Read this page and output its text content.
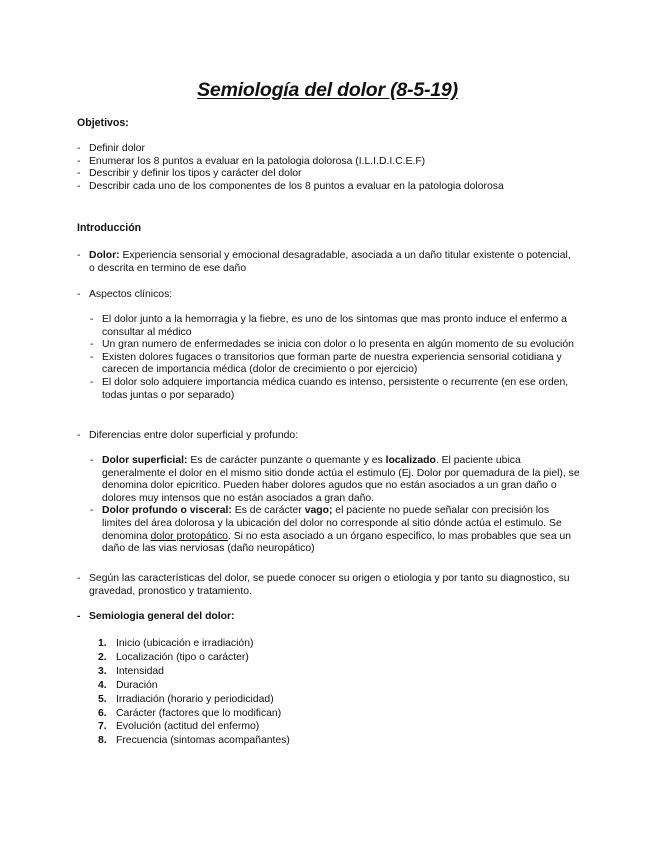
Semiología del dolor (8-5-19)
Objetivos:
- Definir dolor
- Enumerar los 8 puntos a evaluar en la patologia dolorosa (I.L.I.D.I.C.E.F)
- Describir y definir los tipos y carácter del dolor
- Describir cada uno de los componentes de los 8 puntos a evaluar en la patologia dolorosa
Introducción
- Dolor: Experiencia sensorial y emocional desagradable, asociada a un daño titular existente o potencial, o descrita en termino de ese daño
- Aspectos clínicos:
- El dolor junto a la hemorragia y la fiebre, es uno de los sintomas que mas pronto induce el enfermo a consultar al médico
- Un gran numero de enfermedades se inicia con dolor o lo presenta en algún momento de su evolución
- Existen dolores fugaces o transitorios que forman parte de nuestra experiencia sensorial cotidiana y carecen de importancia médica (dolor de crecimiento o por ejercicio)
- El dolor solo adquiere importancia médica cuando es intenso, persistente o recurrente (en ese orden, todas juntas o por separado)
- Diferencias entre dolor superficial y profundo:
- Dolor superficial: Es de carácter punzante o quemante y es localizado. El paciente ubica generalmente el dolor en el mismo sitio donde actúa el estimulo (Ej. Dolor por quemadura de la piel), se denomina dolor epicritico. Pueden haber dolores agudos que no están asociados a un gran daño o dolores muy intensos que no están asociados a gran daño.
- Dolor profundo o visceral: Es de carácter vago; el paciente no puede señalar con precisión los limites del área dolorosa y la ubicación del dolor no corresponde al sitio dónde actúa el estimulo. Se denomina dolor protopático. Si no esta asociado a un órgano especifico, lo mas probables que sea un daño de las vias nerviosas (daño neuropático)
- Según las características del dolor, se puede conocer su origen o etiologia y por tanto su diagnostico, su gravedad, pronostico y tratamiento.
- Semiologia general del dolor:
1. Inicio (ubicación e irradiación)
2. Localización (tipo o carácter)
3. Intensidad
4. Duración
5. Irradiación (horario y periodicidad)
6. Carácter (factores que lo modifican)
7. Evolución (actitud del enfermo)
8. Frecuencia (sintomas acompañantes)
